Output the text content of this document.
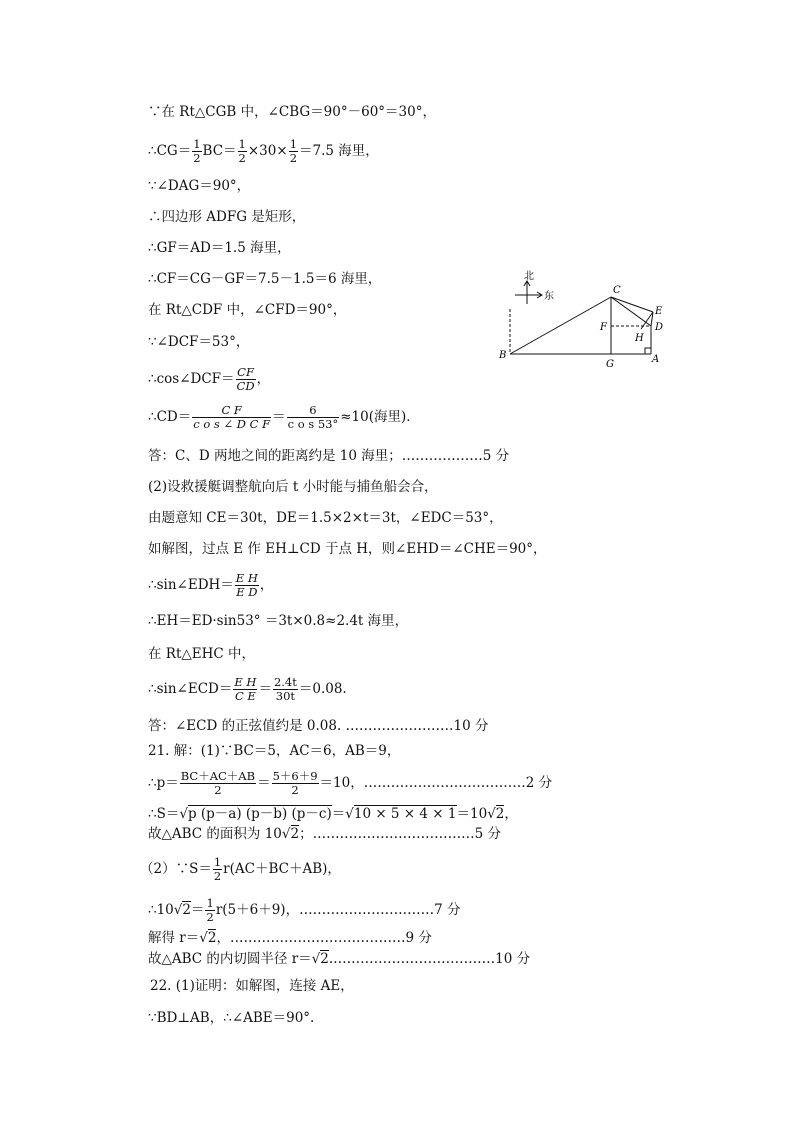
∵在 Rt△CGB 中，∠CBG＝90°－60°＝30°，
∴CG＝ $\frac{1}{2} BC= \frac{1}{2} \times 30\times \frac{1}{2} =7.5$ 海里，
∵∠DAG＝90°，
∴四边形 ADFG 是矩形，
∴GF＝AD＝1.5 海里，
∴CF＝CG－GF＝7.5－1.5＝6 海里，
在 Rt△CDF 中，∠CFD＝90°，
∵∠DCF＝53°，
∴cos∠DCF＝ $\frac{CF}{CD}$ ，
∴CD＝ $\frac{\text{C F}}{\text{c o s ∠ D C F}} = \frac{6}{\text{c o s 53°}} \approx 10$(海里)．
答：C、D 两地之间的距离约是 10 海里；………………5 分
(2)设救援艇调整航向后 t 小时能与捕鱼船会合，
由题意知 CE＝30t，DE＝1.5×2×t＝3t，∠EDC＝53°，
如解图，过点 E 作 EH⊥CD 于点 H，则∠EHD＝∠CHE＝90°，
∴sin∠EDH＝ $\frac{\text{E H}}{\text{E D}}$ ，
∴EH＝ED·sin53° ＝3t×0.8≈2.4t 海里，
在 Rt△EHC 中，
∴sin∠ECD＝ $\frac{\text{E H}}{\text{C E}} = \frac{2.4t}{30t} =0.08$.
答：∠ECD 的正弦值约是 0.08. ……………………10 分
21. 解：(1)∵BC＝5，AC＝6，AB＝9，
∴p＝ $\frac{BC+AC+AB}{2} = \frac{5+6+9}{2} =10$，………………………………2 分
∴S＝√p (p－a) (p－b) (p－c)＝√10 × 5 × 4 × 1＝10√2，
故△ABC 的面积为 10√2；………………………………5 分
（2）∵S＝ $\frac{1}{2} r(AC+BC+AB)$，
∴10√2＝ $\frac{1}{2} r(5+6+9)$，…………………………7 分
解得 r＝√2，…………………………………9 分
故△ABC 的内切圆半径 r＝√2.………………………………10 分
22. (1)证明：如解图，连接 AE，
∵BD⊥AB，∴∠ABE＝90°.
北
东
B
C
E
F	D
H
G	A
